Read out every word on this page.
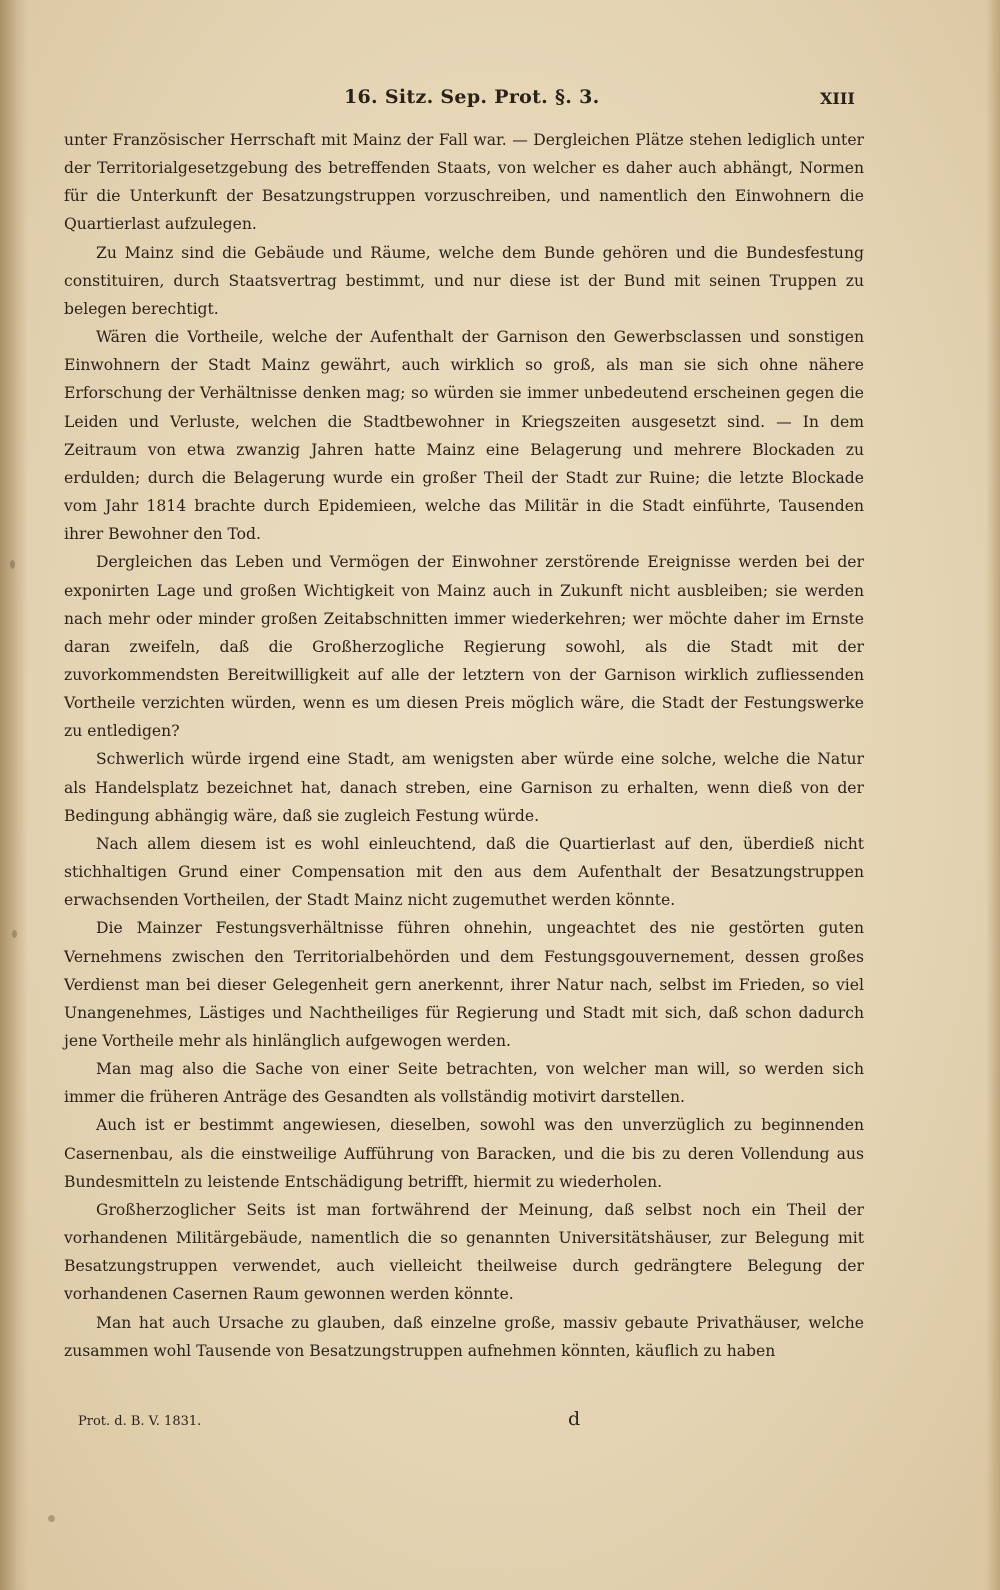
16. Sitz. Sep. Prot. §. 3.	XIII

unter Französischer Herrschaft mit Mainz der Fall war. — Dergleichen Plätze stehen lediglich unter der Territorialgesetzgebung des betreffenden Staats, von welcher es daher auch abhängt, Normen für die Unterkunft der Besatzungstruppen vorzuschreiben, und namentlich den Einwohnern die Quartierlast aufzulegen.

Zu Mainz sind die Gebäude und Räume, welche dem Bunde gehören und die Bundesfestung constituiren, durch Staatsvertrag bestimmt, und nur diese ist der Bund mit seinen Truppen zu belegen berechtigt.

Wären die Vortheile, welche der Aufenthalt der Garnison den Gewerbsclassen und sonstigen Einwohnern der Stadt Mainz gewährt, auch wirklich so groß, als man sie sich ohne nähere Erforschung der Verhältnisse denken mag; so würden sie immer unbedeutend erscheinen gegen die Leiden und Verluste, welchen die Stadtbewohner in Kriegszeiten ausgesetzt sind. — In dem Zeitraum von etwa zwanzig Jahren hatte Mainz eine Belagerung und mehrere Blockaden zu erdulden; durch die Belagerung wurde ein großer Theil der Stadt zur Ruine; die letzte Blockade vom Jahr 1814 brachte durch Epidemieen, welche das Militär in die Stadt einführte, Tausenden ihrer Bewohner den Tod.

Dergleichen das Leben und Vermögen der Einwohner zerstörende Ereignisse werden bei der exponirten Lage und großen Wichtigkeit von Mainz auch in Zukunft nicht ausbleiben; sie werden nach mehr oder minder großen Zeitabschnitten immer wiederkehren; wer möchte daher im Ernste daran zweifeln, daß die Großherzogliche Regierung sowohl, als die Stadt mit der zuvorkommendsten Bereitwilligkeit auf alle der letztern von der Garnison wirklich zufliessenden Vortheile verzichten würden, wenn es um diesen Preis möglich wäre, die Stadt der Festungswerke zu entledigen?

Schwerlich würde irgend eine Stadt, am wenigsten aber würde eine solche, welche die Natur als Handelsplatz bezeichnet hat, danach streben, eine Garnison zu erhalten, wenn dieß von der Bedingung abhängig wäre, daß sie zugleich Festung würde.

Nach allem diesem ist es wohl einleuchtend, daß die Quartierlast auf den, überdieß nicht stichhaltigen Grund einer Compensation mit den aus dem Aufenthalt der Besatzungstruppen erwachsenden Vortheilen, der Stadt Mainz nicht zugemuthet werden könnte.

Die Mainzer Festungsverhältnisse führen ohnehin, ungeachtet des nie gestörten guten Vernehmens zwischen den Territorialbehörden und dem Festungsgouvernement, dessen großes Verdienst man bei dieser Gelegenheit gern anerkennt, ihrer Natur nach, selbst im Frieden, so viel Unangenehmes, Lästiges und Nachtheiliges für Regierung und Stadt mit sich, daß schon dadurch jene Vortheile mehr als hinlänglich aufgewogen werden.

Man mag also die Sache von einer Seite betrachten, von welcher man will, so werden sich immer die früheren Anträge des Gesandten als vollständig motivirt darstellen.

Auch ist er bestimmt angewiesen, dieselben, sowohl was den unverzüglich zu beginnenden Casernenbau, als die einstweilige Aufführung von Baracken, und die bis zu deren Vollendung aus Bundesmitteln zu leistende Entschädigung betrifft, hiermit zu wiederholen.

Großherzoglicher Seits ist man fortwährend der Meinung, daß selbst noch ein Theil der vorhandenen Militärgebäude, namentlich die so genannten Universitätshäuser, zur Belegung mit Besatzungstruppen verwendet, auch vielleicht theilweise durch gedrängtere Belegung der vorhandenen Casernen Raum gewonnen werden könnte.

Man hat auch Ursache zu glauben, daß einzelne große, massiv gebaute Privathäuser, welche zusammen wohl Tausende von Besatzungstruppen aufnehmen könnten, käuflich zu haben

Prot. d. B. V. 1831.	d
